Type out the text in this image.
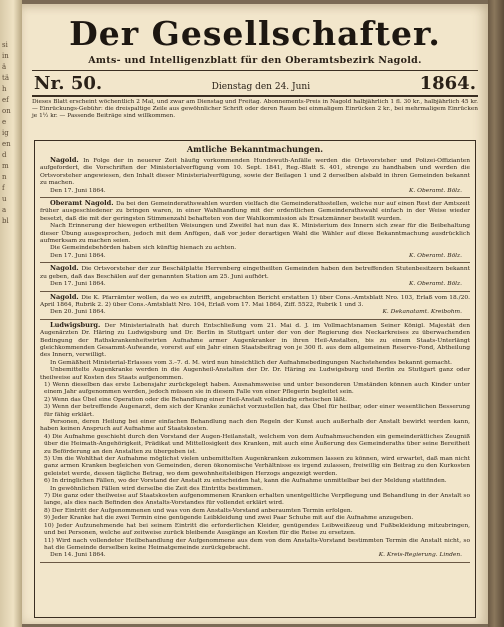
si
in
ä
tä
h
ef
on
e
ig
en
d
m
n
f
u
a
bl
Der Gesellschafter.
Amts- und Intelligenzblatt für den Oberamtsbezirk Nagold.
Nr. 50.	Dienstag den 24. Juni	1864.
Dieses Blatt erscheint wöchentlich 2 Mal, und zwar am Dienstag und Freitag. Abonnements-Preis in Nagold halbjährlich 1 fl. 30 kr., halbjährlich 45 kr. — Einrückungs-Gebühr: die dreispaltige Zeile aus gewöhnlicher Schrift oder deren Raum bei einmaligem Einrücken 2 kr., bei mehrmaligem Einrücken je 1½ kr. — Passende Beiträge sind willkommen.
Amtliche Bekanntmachungen.

Nagold. In Folge der in neuerer Zeit häufig vorkommenden Hundswuth-Anfälle werden die Ortsvorsteher und Polizei-Offizianten aufgefordert, die Vorschriften der Ministerialverfügung vom 10. Sept. 1841, Reg.-Blatt S. 401, strenge zu handhaben und werden die Ortsvorsteher angewiesen, den Inhalt dieser Ministerialverfügung, sowie der Beilagen 1 und 2 derselben alsbald in ihren Gemeinden bekannt zu machen.

Den 17. Juni 1864.	K. Oberamt. Bölz.

Oberamt Nagold. Da bei den Gemeinderathswahlen wurden vielfach die Gemeinderathsstellen, welche nur auf einen Rest der Amtszeit früher ausgeschiedener zu bringen waren, in einer Wahlhandlung mit der ordentlichen Gemeinderathswahl einfach in der Weise wieder besetzt, daß die mit der geringsten Stimmenzahl behafteten von der Wahlkommission als Ersatzmänner bestellt wurden.

Nach Erinnerung der hiewegen ertheilten Weisungen und Zweifel hat nun das K. Ministerium des Innern sich zwar für die Beibehaltung dieser Übung ausgesprochen, jedoch mit dem Anfügen, daß vor jeder derartigen Wahl die Wähler auf diese Bekanntmachung ausdrücklich aufmerksam zu machen seien.

Die Gemeindebehörden haben sich künftig hienach zu achten.

Den 17. Juni 1864.	K. Oberamt. Bölz.

Nagold. Die Ortsvorsteher der zur Beschälplatte Herrenberg eingetheilten Gemeinden haben den betreffenden Stutenbesitzern bekannt zu geben, daß das Beschälen auf der genannten Station am 25. Juni aufhört.

Den 17. Juni 1864.	K. Oberamt. Bölz.

Nagold. Die K. Pfarrämter wollen, da wo es zutrifft, angebrachten Bericht erstatten 1) über Cons.-Amtsblatt Nro. 103, Erlaß vom 18./20. April 1864, Rubrik 2. 2) über Cons.-Amtsblatt Nro. 104, Erlaß vom 17. Mai 1864, Ziff. 5522, Rubrik 1 und 3.

Den 20. Juni 1864.	K. Dekanatamt. Kreibohm.

Ludwigsburg. Der Ministerialrath hat durch Entschließung vom 21. Mai d. J. im Vollmachtsnamen Seiner Königl. Majestät den Augenärzten Dr. Häring zu Ludwigsburg und Dr. Berlin in Stuttgart unter der von der Regierung des Neckarkreises zu überwachenden Bedingung der Rathskrankenheitwirten Aufnahme armer Augenkranker in ihren Heil-Anstalten, bis zu einem Staats-Unterlängt gleichkommenden Gesammt-Aufwande, vorerst auf ein Jahr einen Staatsbeitrag von je 300 fl. aus dem allgemeinen Reserve-Fond, Abtheilung des Innern, verwilligt.

In Gemäßheit Ministerial-Erlasses vom 3.–7. d. M. wird nun hinsichtlich der Aufnahmebedingungen Nachstehendes bekannt gemacht.

Unbemittelte Augenkranke werden in die Augenheil-Anstalten der Dr. Dr. Häring zu Ludwigsburg und Berlin zu Stuttgart ganz oder theilweise auf Kosten des Staats aufgenommen.

1) Wenn dieselben das erste Lebensjahr zurückgelegt haben. Ausnahmsweise und unter besonderen Umständen können auch Kinder unter einem Jahr aufgenommen werden, jedoch müssen sie in diesem Falle von einer Pflegerin begleitet sein.

2) Wenn das Übel eine Operation oder die Behandlung einer Heil-Anstalt vollständig erheischen läßt.

3) Wenn der betreffende Augenarzt, dem sich der Kranke zunächst vorzustellen hat, das Übel für heilbar, oder einer wesentlichen Besserung für fähig erklärt.

Personen, deren Heilung bei einer einfachen Behandlung nach den Regeln der Kunst auch außerhalb der Anstalt bewirkt werden kann, haben keinen Anspruch auf Aufnahme auf Staatskosten.

4) Die Aufnahme geschieht durch den Vorstand der Augen-Heilanstalt, welchem von dem Aufnahmsuchenden ein gemeinderätliches Zeugniß über die Heimath-Angehörigkeit, Prädikat und Mittellosigkeit des Kranken, mit auch eine Äußerung des Gemeinderaths über seine Bereitheit zu Beförderung an den Anstalten zu übergeben ist.

5) Um die Wohlthat der Aufnahme möglichst vielen unbemittelten Augenkranken zukommen lassen zu können, wird erwartet, daß man nicht ganz armen Kranken begleichen von Gemeinden, deren ökonomische Verhältnisse es irgend zulassen, freiwillig ein Beitrag zu den Kurkosten geleistet werde, dessen tägliche Betrag, wo dem gewohnheitsleibigen Herzogs angezeigt werden.

6) In dringlichen Fällen, wo der Vorstand der Anstalt zu entscheiden hat, kann die Aufnahme unmittelbar bei der Meldung stattfinden.

In gewöhnlichen Fällen wird derselbe die Zeit des Eintritts bestimmen.

7) Die ganz oder theilweise auf Staatskosten aufgenommenen Kranken erhalten unentgeltliche Verpflegung und Behandlung in der Anstalt so lange, als dies nach Befinden des Anstalts-Vorstandes für vollendet erklärt wird.

8) Der Eintritt der Aufgenommenen und was von dem Anstalts-Vorstand anberaumten Termin erfolgen.

9) Jeder Kranke hat die zwei Termin eine genügende Leibkleidung und zwei Paar Schuhe mit auf die Aufnahme anzugeben.

10) Jeder Aufzunehmende hat bei seinem Eintritt die erforderlichen Kleider, genügendes Leibweißzeug und Fußbekleidung mitzubringen, und bei Personen, welche auf zeitweise zurück bleibende Ausgänge an Kosten für die Reise zu ersetzen.

11) Wird nach vollendeter Heilbehandlung der Aufgenommene aus dem von dem Anstalts-Vorstand bestimmten Termin die Anstalt nicht, so hat die Gemeinde derselben keine Heimatgemeinde zurückgebracht.

Den 14. Juni 1864.	K. Kreis-Regierung. Linden.
